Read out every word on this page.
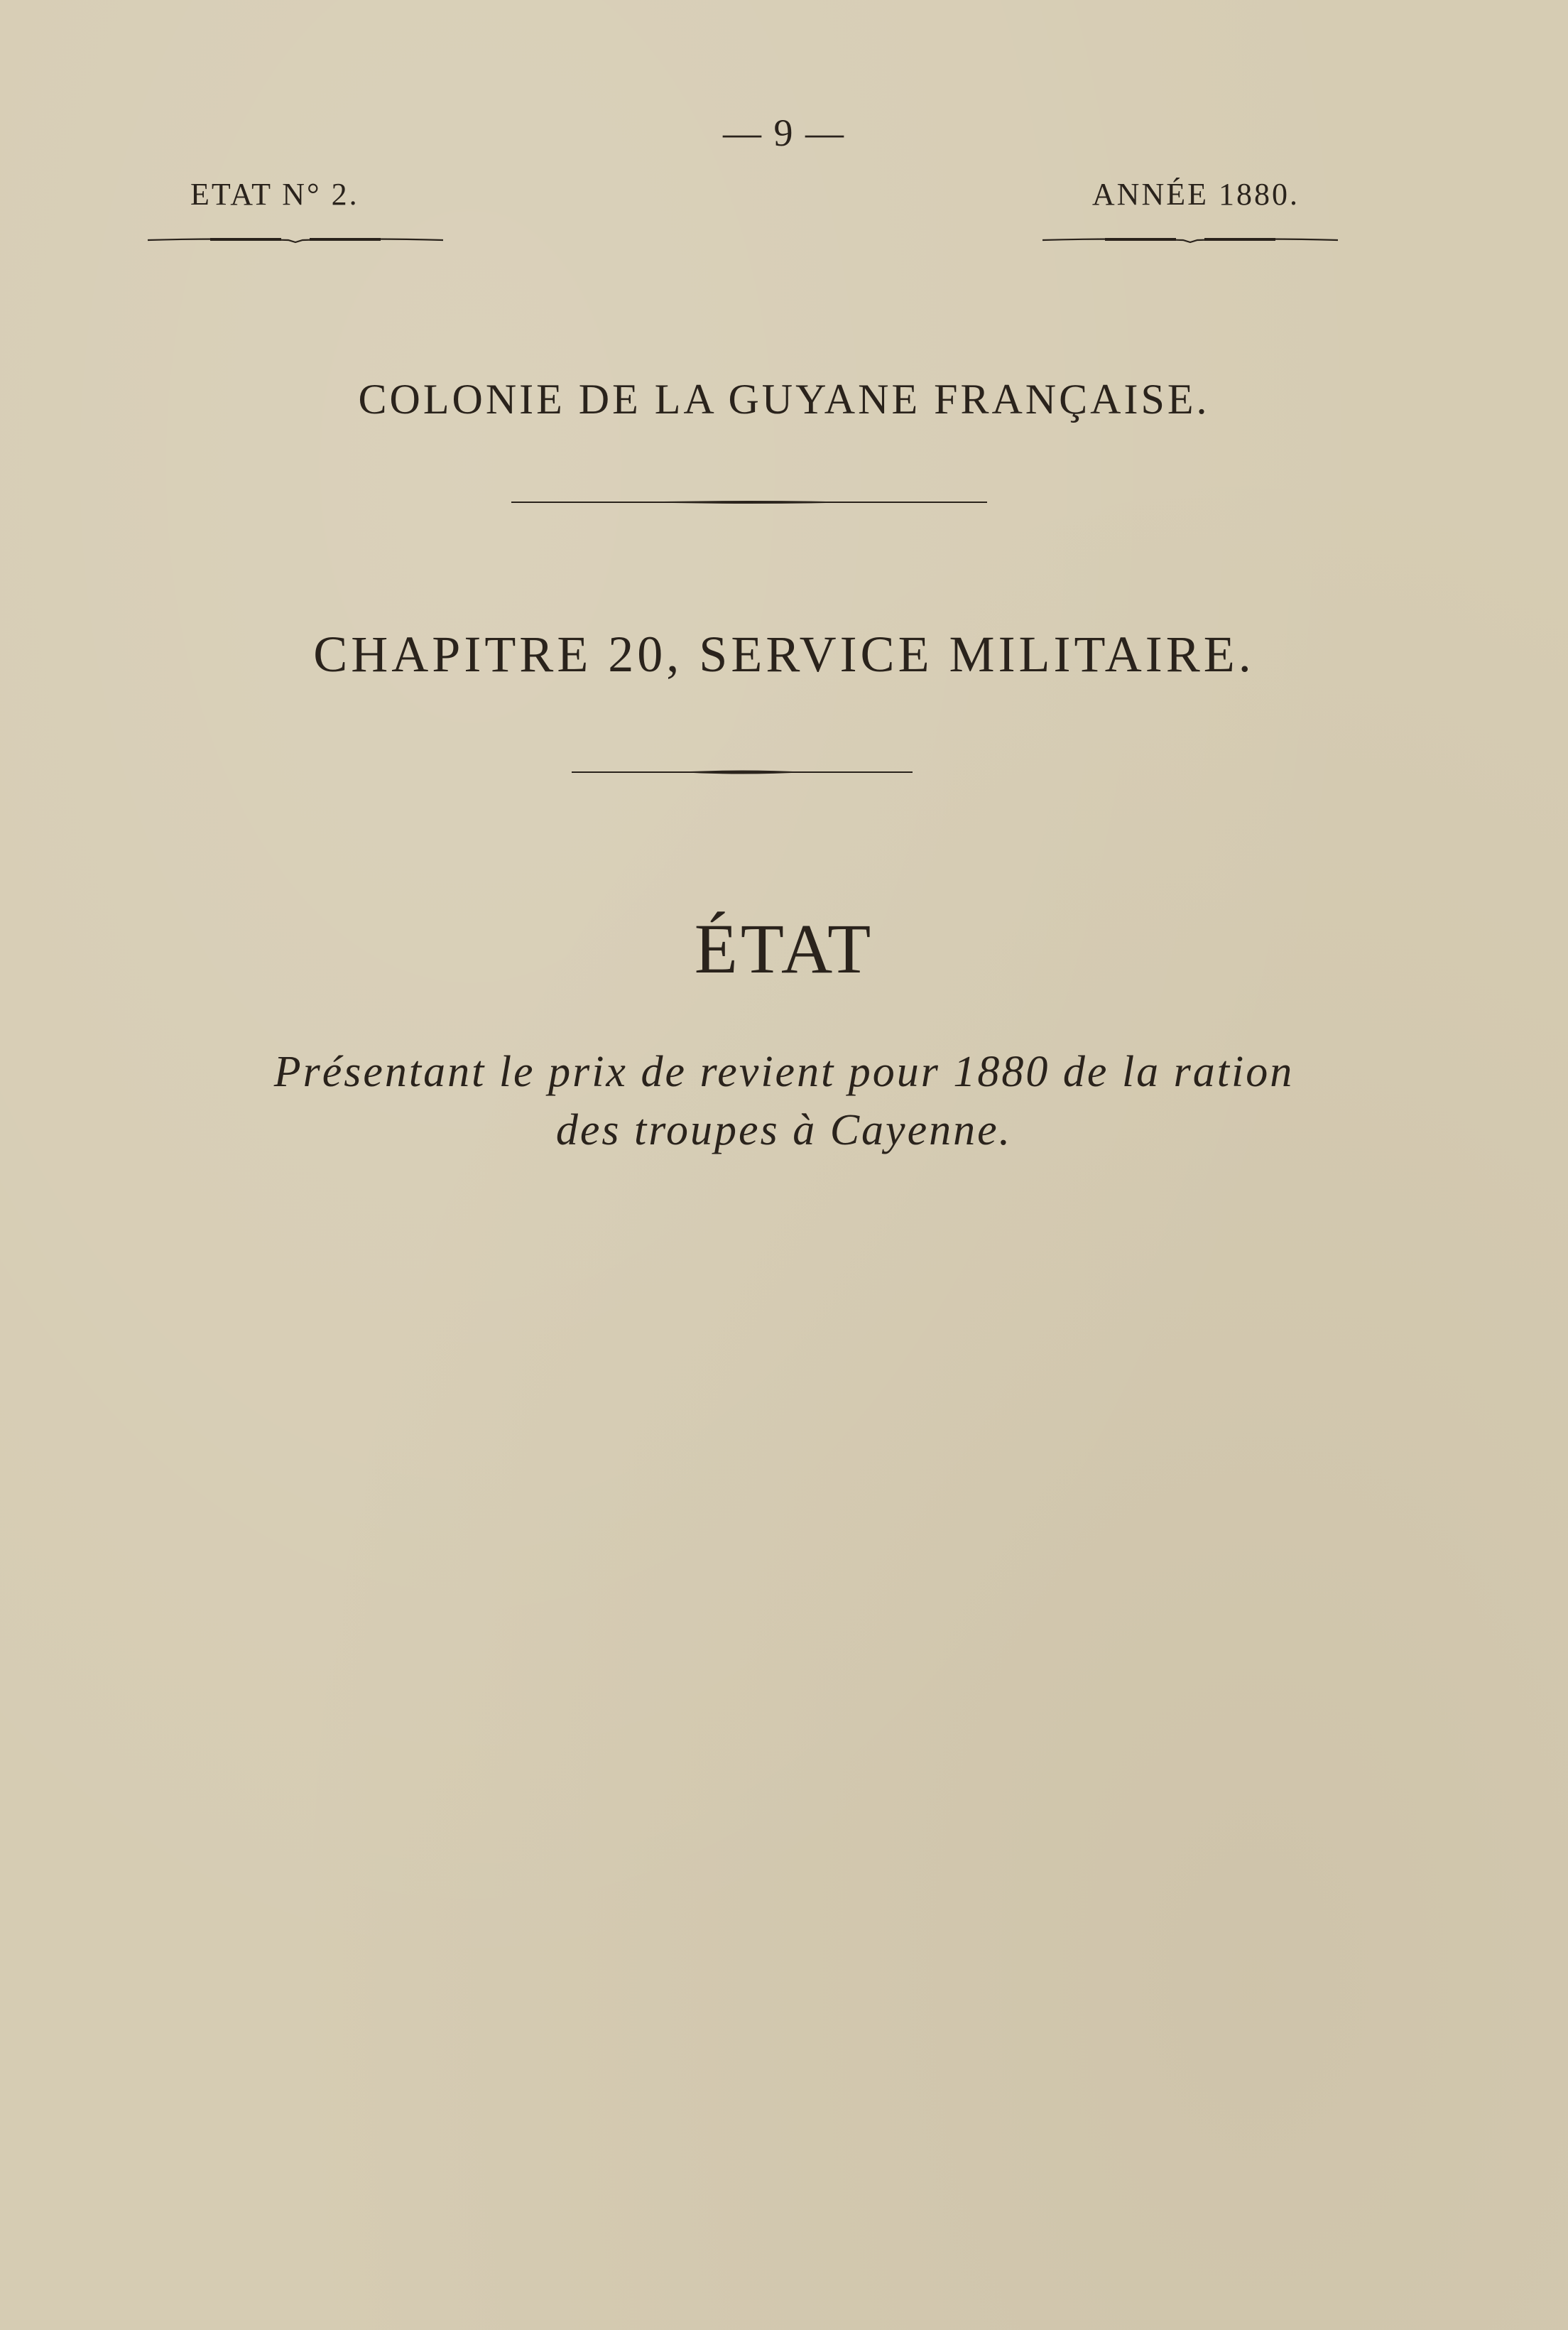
— 9 —
ETAT N° 2.	ANNÉE 1880.
COLONIE DE LA GUYANE FRANÇAISE.
CHAPITRE 20, SERVICE MILITAIRE.
ÉTAT
Présentant le prix de revient pour 1880 de la ration
des troupes à Cayenne.
